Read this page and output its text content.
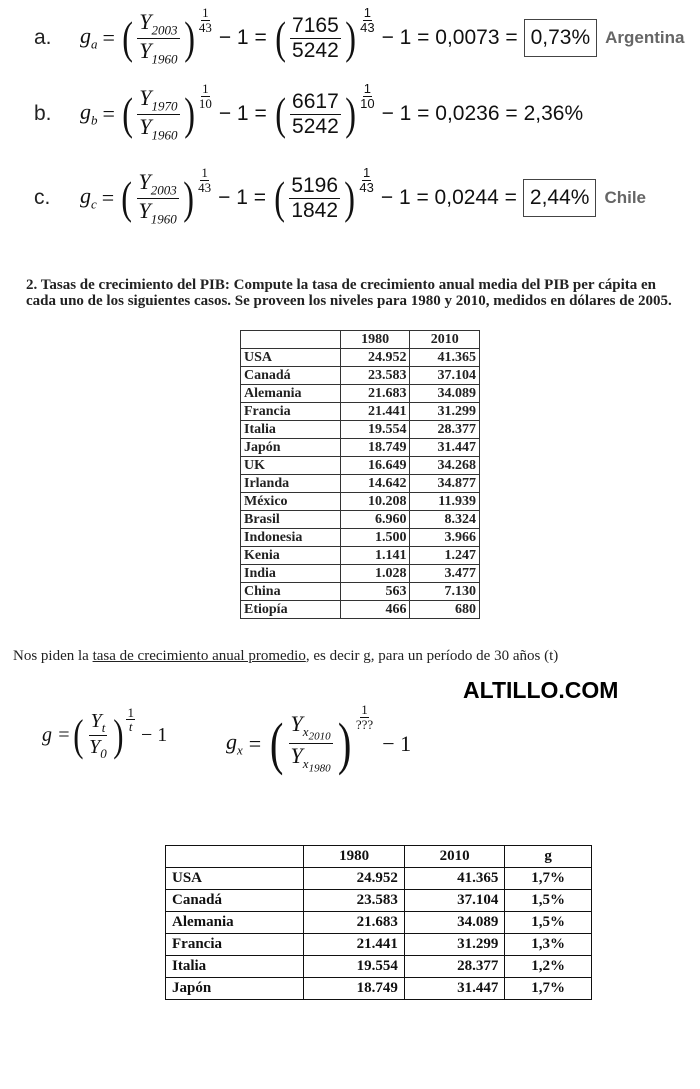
a. $g_a$ = ( $\frac{Y_{2003}}{Y_{1960}}$ ) 1
43 − 1 = ( $\frac{7165}{5242}$ ) 1
43 − 1 = 0,0073 = 0,73% Argentina
b. $g_b$ = ( $\frac{Y_{1970}}{Y_{1960}}$ ) 1
10 − 1 = ( $\frac{6617}{5242}$ ) 1
10 − 1 = 0,0236 = 2,36%
c. $g_c$ = ( $\frac{Y_{2003}}{Y_{1960}}$ ) 1
43 − 1 = ( $\frac{5196}{1842}$ ) 1
43 − 1 = 0,0244 = 2,44% Chile
2. Tasas de crecimiento del PIB: Compute la tasa de crecimiento anual media del PIB per cápita en cada uno de los siguientes casos. Se proveen los niveles para 1980 y 2010, medidos en dólares de 2005.
	1980	2010
USA	24.952	41.365
Canadá	23.583	37.104
Alemania	21.683	34.089
Francia	21.441	31.299
Italia	19.554	28.377
Japón	18.749	31.447
UK	16.649	34.268
Irlanda	14.642	34.877
México	10.208	11.939
Brasil	6.960	8.324
Indonesia	1.500	3.966
Kenia	1.141	1.247
India	1.028	3.477
China	563	7.130
Etiopía	466	680
Nos piden la tasa de crecimiento anual promedio, es decir g, para un período de 30 años (t)
ALTILLO.COM
g = ( $\frac{Y_t}{Y_0}$ ) 1
t − 1	$g_x$ = ( $\frac{Y_{x_{2010}}}{Y_{x_{1980}}}$ )
1
???
− 1
	1980	2010	g
USA	24.952	41.365	1,7%
Canadá	23.583	37.104	1,5%
Alemania	21.683	34.089	1,5%
Francia	21.441	31.299	1,3%
Italia	19.554	28.377	1,2%
Japón	18.749	31.447	1,7%
